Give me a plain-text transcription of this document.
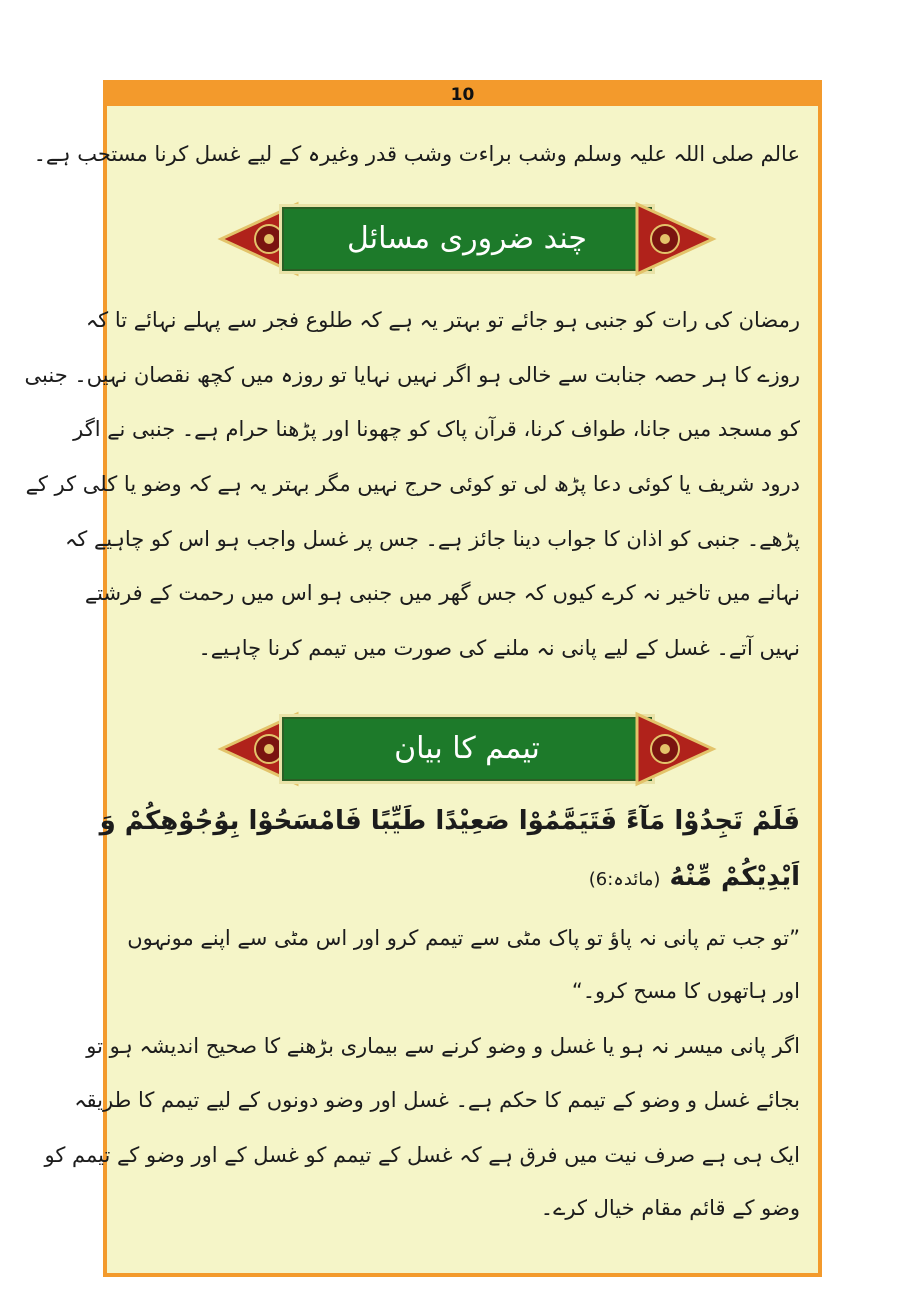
10
عالم صلی اللہ علیہ وسلم وشب براءت وشب قدر وغیرہ کے لیے غسل کرنا مستحب ہے۔
چند ضروری مسائل
رمضان کی رات کو جنبی ہو جائے تو بہتر یہ ہے کہ طلوع فجر سے پہلے نہائے تا کہ
روزے کا ہر حصہ جنابت سے خالی ہو اگر نہیں نہایا تو روزہ میں کچھ نقصان نہیں۔ جنبی
کو مسجد میں جانا، طواف کرنا، قرآن پاک کو چھونا اور پڑھنا حرام ہے۔ جنبی نے اگر
درود شریف یا کوئی دعا پڑھ لی تو کوئی حرج نہیں مگر بہتر یہ ہے کہ وضو یا کلی کر کے
پڑھے۔ جنبی کو اذان کا جواب دینا جائز ہے۔ جس پر غسل واجب ہو اس کو چاہیے کہ
نہانے میں تاخیر نہ کرے کیوں کہ جس گھر میں جنبی ہو اس میں رحمت کے فرشتے
نہیں آتے۔ غسل کے لیے پانی نہ ملنے کی صورت میں تیمم کرنا چاہیے۔
تیمم کا بیان
فَلَمْ تَجِدُوْا مَآءً فَتَيَمَّمُوْا صَعِيْدًا طَيِّبًا فَامْسَحُوْا بِوُجُوْهِكُمْ وَ
اَيْدِيْكُمْ مِّنْهُ (مائدہ:6)
”تو جب تم پانی نہ پاؤ تو پاک مٹی سے تیمم کرو اور اس مٹی سے اپنے مونہوں
اور ہاتھوں کا مسح کرو۔“
اگر پانی میسر نہ ہو یا غسل و وضو کرنے سے بیماری بڑھنے کا صحیح اندیشہ ہو تو
بجائے غسل و وضو کے تیمم کا حکم ہے۔ غسل اور وضو دونوں کے لیے تیمم کا طریقہ
ایک ہی ہے صرف نیت میں فرق ہے کہ غسل کے تیمم کو غسل کے اور وضو کے تیمم کو
وضو کے قائم مقام خیال کرے۔
